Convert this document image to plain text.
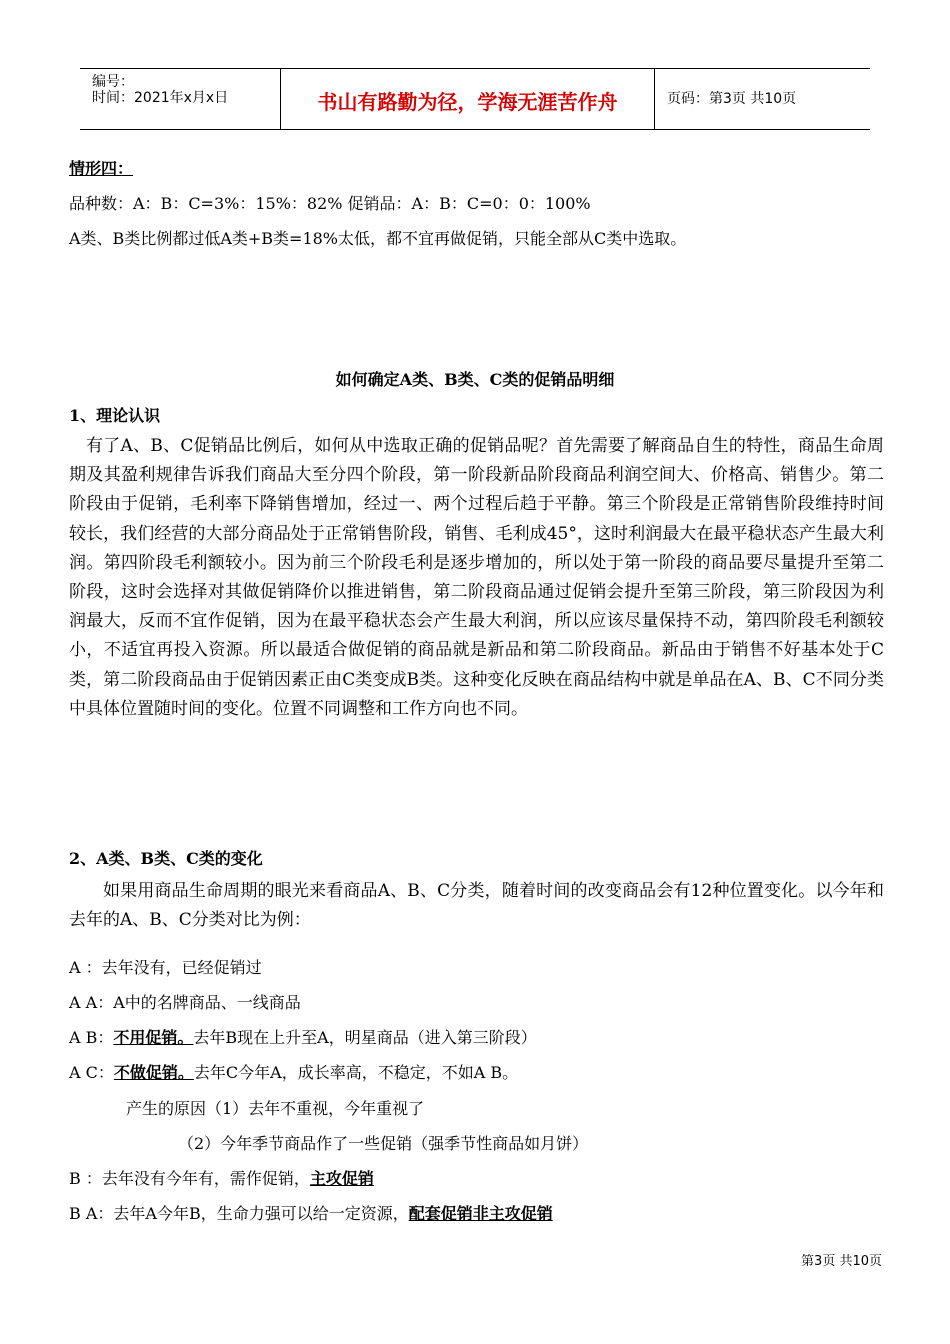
编号：
时间：2021年x月x日	书山有路勤为径，学海无涯苦作舟	页码：第3页 共10页
情形四：
品种数：A：B：C=3%：15%：82% 促销品：A：B：C=0：0：100%
A类、B类比例都过低A类+B类=18%太低，都不宜再做促销，只能全部从C类中选取。
如何确定A类、B类、C类的促销品明细
1、理论认识
有了A、B、C促销品比例后，如何从中选取正确的促销品呢？首先需要了解商品自生的特性，商品生命周期及其盈利规律告诉我们商品大至分四个阶段，第一阶段新品阶段商品利润空间大、价格高、销售少。第二阶段由于促销，毛利率下降销售增加，经过一、两个过程后趋于平静。第三个阶段是正常销售阶段维持时间较长，我们经营的大部分商品处于正常销售阶段，销售、毛利成45°，这时利润最大在最平稳状态产生最大利润。第四阶段毛利额较小。因为前三个阶段毛利是逐步增加的，所以处于第一阶段的商品要尽量提升至第二阶段，这时会选择对其做促销降价以推进销售，第二阶段商品通过促销会提升至第三阶段，第三阶段因为利润最大，反而不宜作促销，因为在最平稳状态会产生最大利润，所以应该尽量保持不动，第四阶段毛利额较小，不适宜再投入资源。所以最适合做促销的商品就是新品和第二阶段商品。新品由于销售不好基本处于C类，第二阶段商品由于促销因素正由C类变成B类。这种变化反映在商品结构中就是单品在A、B、C不同分类中具体位置随时间的变化。位置不同调整和工作方向也不同。
2、A类、B类、C类的变化
如果用商品生命周期的眼光来看商品A、B、C分类，随着时间的改变商品会有12种位置变化。以今年和去年的A、B、C分类对比为例：
A ：去年没有，已经促销过
A A：A中的名牌商品、一线商品
A B：不用促销。去年B现在上升至A，明星商品（进入第三阶段）
A C：不做促销。去年C今年A，成长率高，不稳定，不如A B。
产生的原因（1）去年不重视，今年重视了
（2）今年季节商品作了一些促销（强季节性商品如月饼）
B ：去年没有今年有，需作促销，主攻促销
B A：去年A今年B，生命力强可以给一定资源，配套促销非主攻促销
第3页 共10页
